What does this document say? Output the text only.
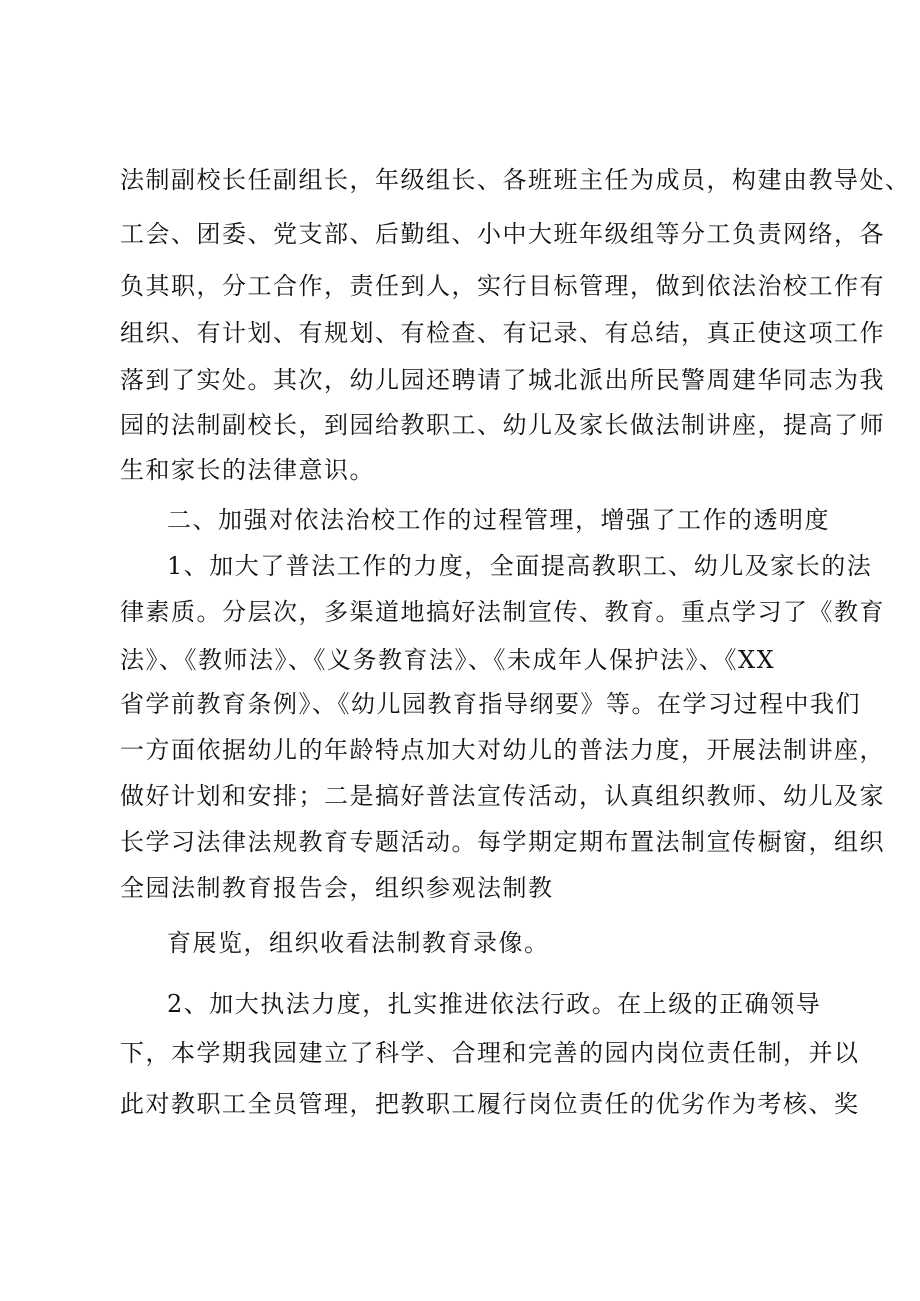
法制副校长任副组长，年级组长、各班班主任为成员，构建由教导处、
工会、团委、党支部、后勤组、小中大班年级组等分工负责网络，各
负其职，分工合作，责任到人，实行目标管理，做到依法治校工作有
组织、有计划、有规划、有检查、有记录、有总结，真正使这项工作
落到了实处。其次，幼儿园还聘请了城北派出所民警周建华同志为我
园的法制副校长，到园给教职工、幼儿及家长做法制讲座，提高了师
生和家长的法律意识。
二、加强对依法治校工作的过程管理，增强了工作的透明度
1、加大了普法工作的力度，全面提高教职工、幼儿及家长的法
律素质。分层次，多渠道地搞好法制宣传、教育。重点学习了《教育
法》、《教师法》、《义务教育法》、《未成年人保护法》、《XX
省学前教育条例》、《幼儿园教育指导纲要》等。在学习过程中我们
一方面依据幼儿的年龄特点加大对幼儿的普法力度，开展法制讲座，
做好计划和安排；二是搞好普法宣传活动，认真组织教师、幼儿及家
长学习法律法规教育专题活动。每学期定期布置法制宣传橱窗，组织
全园法制教育报告会，组织参观法制教
育展览，组织收看法制教育录像。
2、加大执法力度，扎实推进依法行政。在上级的正确领导
下，本学期我园建立了科学、合理和完善的园内岗位责任制，并以
此对教职工全员管理，把教职工履行岗位责任的优劣作为考核、奖
